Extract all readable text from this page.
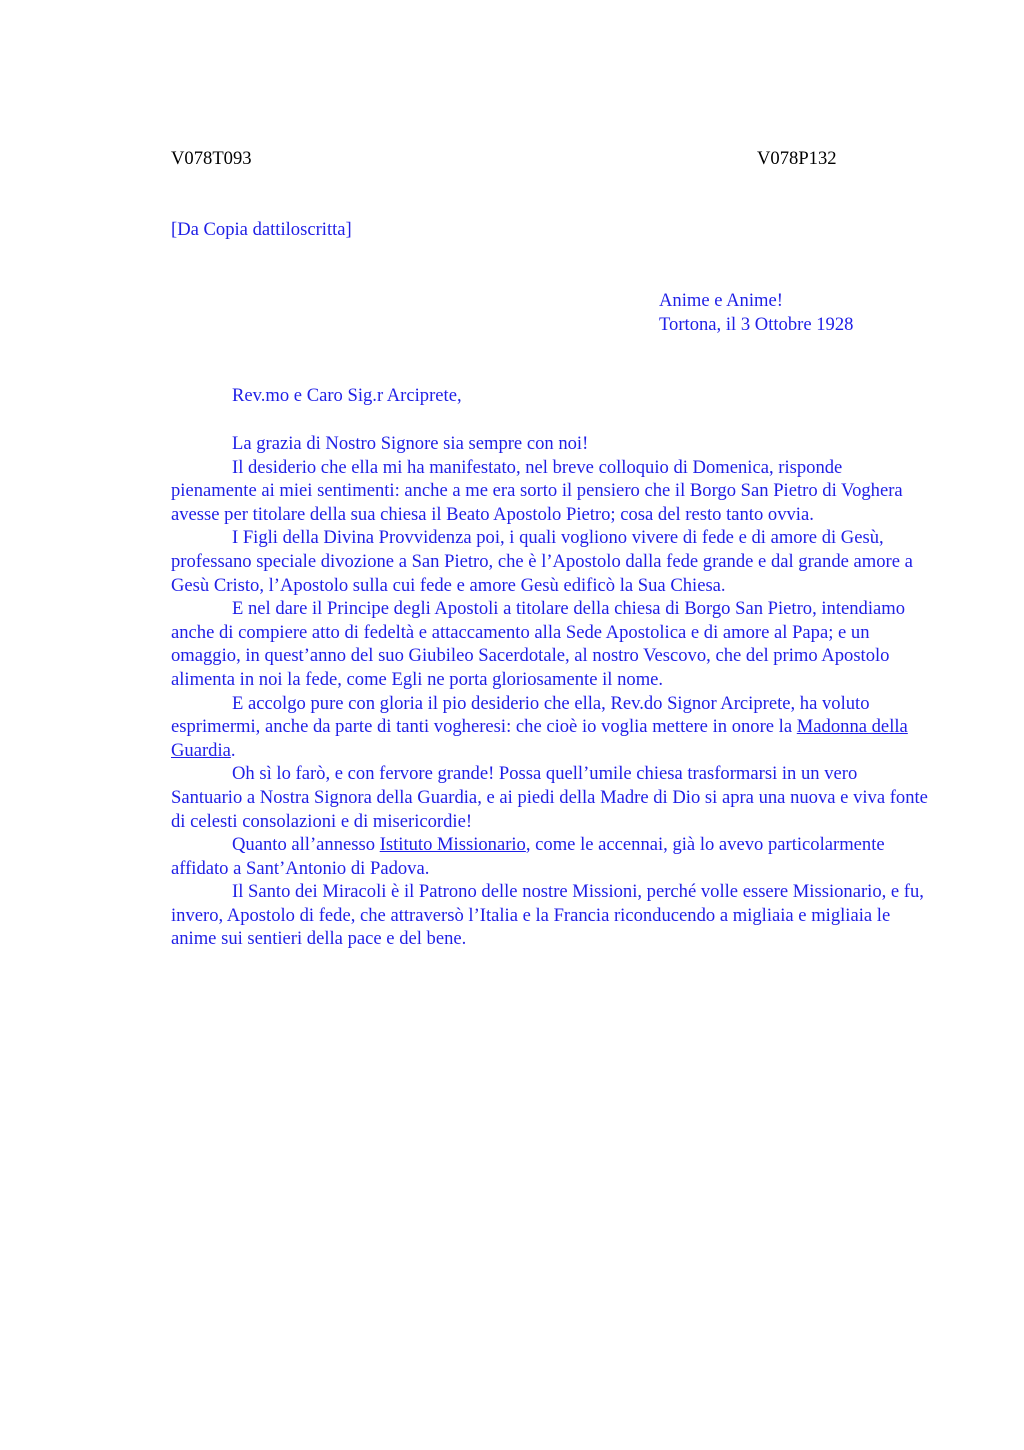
V078T093	V078P132
[Da Copia dattiloscritta]
Anime e Anime!
Tortona, il 3 Ottobre 1928
Rev.mo e Caro Sig.r Arciprete,

La grazia di Nostro Signore sia sempre con noi!

Il desiderio che ella mi ha manifestato, nel breve colloquio di Domenica, risponde pienamente ai miei sentimenti: anche a me era sorto il pensiero che il Borgo San Pietro di Voghera avesse per titolare della sua chiesa il Beato Apostolo Pietro; cosa del resto tanto ovvia.

I Figli della Divina Provvidenza poi, i quali vogliono vivere di fede e di amore di Gesù, professano speciale divozione a San Pietro, che è l’Apostolo dalla fede grande e dal grande amore a Gesù Cristo, l’Apostolo sulla cui fede e amore Gesù edificò la Sua Chiesa.

E nel dare il Principe degli Apostoli a titolare della chiesa di Borgo San Pietro, intendiamo anche di compiere atto di fedeltà e attaccamento alla Sede Apostolica e di amore al Papa; e un omaggio, in quest’anno del suo Giubileo Sacerdotale, al nostro Vescovo, che del primo Apostolo alimenta in noi la fede, come Egli ne porta gloriosamente il nome.

E accolgo pure con gloria il pio desiderio che ella, Rev.do Signor Arciprete, ha voluto esprimermi, anche da parte di tanti vogheresi: che cioè io voglia mettere in onore la Madonna della Guardia.

Oh sì lo farò, e con fervore grande! Possa quell’umile chiesa trasformarsi in un vero Santuario a Nostra Signora della Guardia, e ai piedi della Madre di Dio si apra una nuova e viva fonte di celesti consolazioni e di misericordie!

Quanto all’annesso Istituto Missionario, come le accennai, già lo avevo particolarmente affidato a Sant’Antonio di Padova.

Il Santo dei Miracoli è il Patrono delle nostre Missioni, perché volle essere Missionario, e fu, invero, Apostolo di fede, che attraversò l’Italia e la Francia riconducendo a migliaia e migliaia le anime sui sentieri della pace e del bene.
